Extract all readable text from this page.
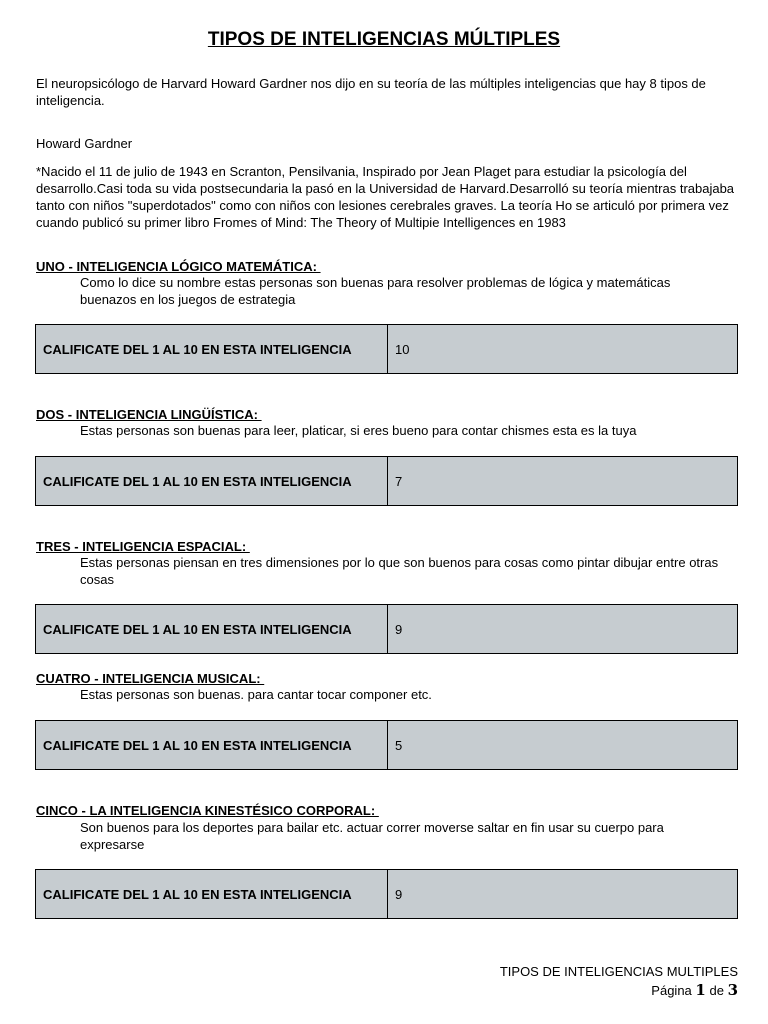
TIPOS DE INTELIGENCIAS MÚLTIPLES
El neuropsicólogo de Harvard Howard Gardner nos dijo en su teoría de las múltiples inteligencias que hay 8 tipos de inteligencia.
Howard Gardner
*Nacido el 11 de julio de 1943 en Scranton, Pensilvania, Inspirado por Jean Plaget para estudiar la psicología del desarrollo.Casi toda su vida postsecundaria la pasó en la Universidad de Harvard.Desarrolló su teoría mientras trabajaba tanto con niños "superdotados" como con niños con lesiones cerebrales graves. La teoría Ho se articuló por primera vez cuando publicó su primer libro Fromes of Mind: The Theory of Multipie Intelligences en 1983
UNO - INTELIGENCIA LÓGICO MATEMÁTICA:
Como lo dice su nombre estas personas son buenas para resolver problemas de lógica y matemáticas buenazos en los juegos de estrategia
CALIFICATE DEL 1 AL 10 EN ESTA INTELIGENCIA	10
DOS - INTELIGENCIA LINGÜÍSTICA:
Estas personas son buenas para leer, platicar, si eres bueno para contar chismes esta es la tuya
CALIFICATE DEL 1 AL 10 EN ESTA INTELIGENCIA	7
TRES - INTELIGENCIA ESPACIAL:
Estas personas piensan en tres dimensiones por lo que son buenos para cosas como pintar dibujar entre otras cosas
CALIFICATE DEL 1 AL 10 EN ESTA INTELIGENCIA	9
CUATRO - INTELIGENCIA MUSICAL:
Estas personas son buenas. para cantar tocar componer etc.
CALIFICATE DEL 1 AL 10 EN ESTA INTELIGENCIA	5
CINCO - LA INTELIGENCIA KINESTÉSICO CORPORAL:
Son buenos para los deportes para bailar etc. actuar correr moverse saltar en fin usar su cuerpo para expresarse
CALIFICATE DEL 1 AL 10 EN ESTA INTELIGENCIA	9
TIPOS DE INTELIGENCIAS MULTIPLES
Página 1 de 3
